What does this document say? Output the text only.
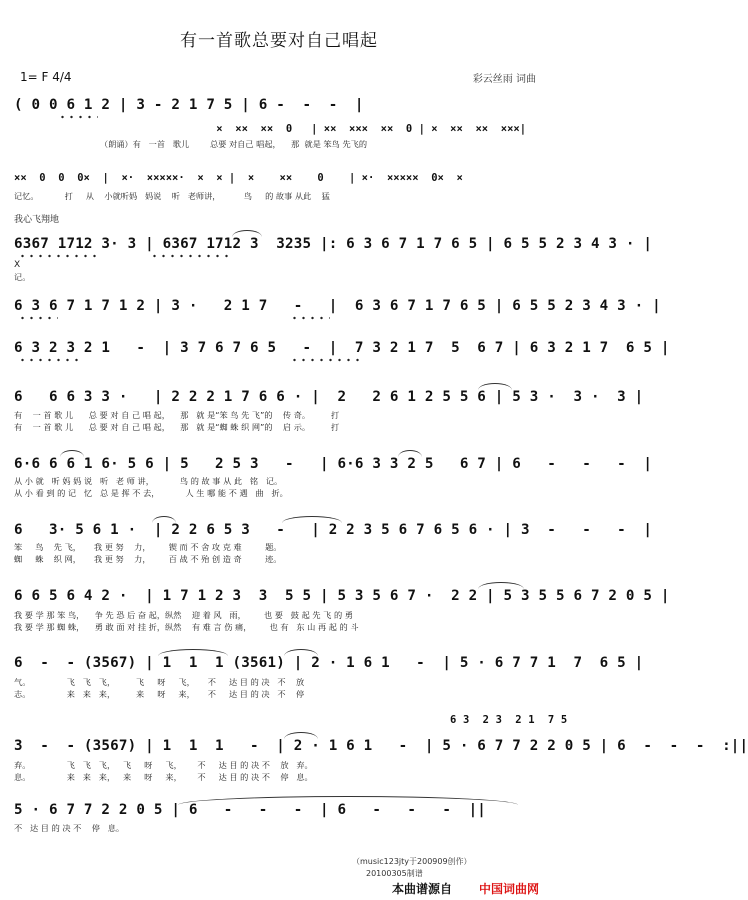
有一首歌总要对自己唱起
1= F 4/4	彩云丝雨 词曲
( 0 0 6 1 2 | 3 - 2 1 7 5 | 6 -  -  -  |
×  ××  ××  0   | ××  ×××  ××  0 | ×  ××  ××  ×××|
（朗诵）有   一首   歌儿        总要 对自己 唱起，    那  就是 笨鸟 先飞的
××  0  0  0×  |  ×·  ×××××·  ×  × |  ×    ××    0    | ×·  ×××××  0×  ×
记忆。          打     从    小就听妈   妈说    听   老师讲，         鸟     的 故事 从此    猛
我心飞翔地
6367 1712 3· 3 | 6367 1712 3  3235 |: 6 3 6 7 1 7 6 5 | 6 5 5 2 3 4 3 · |
X
记。
6 3 6 7 1 7 1 2 | 3 ·   2 1 7   -   |  6 3 6 7 1 7 6 5 | 6 5 5 2 3 4 3 · |
6 3 2 3 2 1   -  | 3 7 6 7 6 5   -  |  7 3 2 1 7  5  6 7 | 6 3 2 1 7  6 5 |
6   6 6 3 3 ·   | 2 2 2 1 7 6 6 · |  2   2 6 1 2 5 5 6 | 5 3 ·  3 ·  3 |
有    一 首 歌 儿      总 要 对 自 己 唱 起，    那   就 是“笨 鸟 先 飞”的    传 奇。        打
有    一 首 歌 儿      总 要 对 自 己 唱 起，    那   就 是“蜘 蛛 织 网”的    启 示。        打
6·6 6 6 1 6· 5 6 | 5   2 5 3   -   | 6·6 3 3 2 5   6 7 | 6   -   -   -  |
从 小 就   听 妈 妈 说   听   老 师 讲，          鸟 的 故 事 从 此   铭   记。
从 小 看 到 的 记   忆   总 是 挥 不 去，          人 生 哪 能 不 遇   曲   折。
6   3· 5 6 1 ·  | 2 2 6 5 3   -   | 2 2 3 5 6 7 6 5 6 · | 3  -   -   -  |
笨     鸟    先 飞，     我 更 努    力，       锲 而 不 舍 攻 克 难         题。
蜘     蛛    织 网，     我 更 努    力，       百 战 不 殆 创 造 奇         迹。
6 6 5 6 4 2 ·  | 1 7 1 2 3  3  5 5 | 5 3 5 6 7 ·  2 2 | 5 3 5 5 6 7 2 0 5 |
我 要 学 那 笨 鸟，    争 先 恐 后 奋 起，纵然    迎 着 风   雨，       也 要   鼓 起 先 飞 的 勇
我 要 学 那 蜘 蛛，    勇 敢 面 对 挂 折，纵然    有 难 言 伤 痛，       也 有   东 山 再 起 的 斗
6  -  - (3567) | 1  1  1 (3561) | 2 · 1 6 1   -  | 5 · 6 7 7 1  7  6 5 |
气。              飞   飞   飞，        飞     呀     飞，     不     达 目 的 决   不    放
志。              来   来   来，        来     呀     来，     不     达 目 的 决   不    停
6 3  2 3  2 1  7 5
3  -  - (3567) | 1  1  1   -  | 2 · 1 6 1   -  | 5 · 6 7 7 2 2 0 5 | 6  -  -  -  :||
弃。              飞   飞   飞，   飞     呀     飞，      不     达 目 的 决 不    放   弃。
息。              来   来   来，   来     呀     来，      不     达 目 的 决 不    停   息。
5 · 6 7 7 2 2 0 5 | 6   -   -   -  | 6   -   -   -  ||
不   达 目 的 决 不    停   息。
（music123jty于200909创作）
20100305制谱
本曲谱源自 中国词曲网
